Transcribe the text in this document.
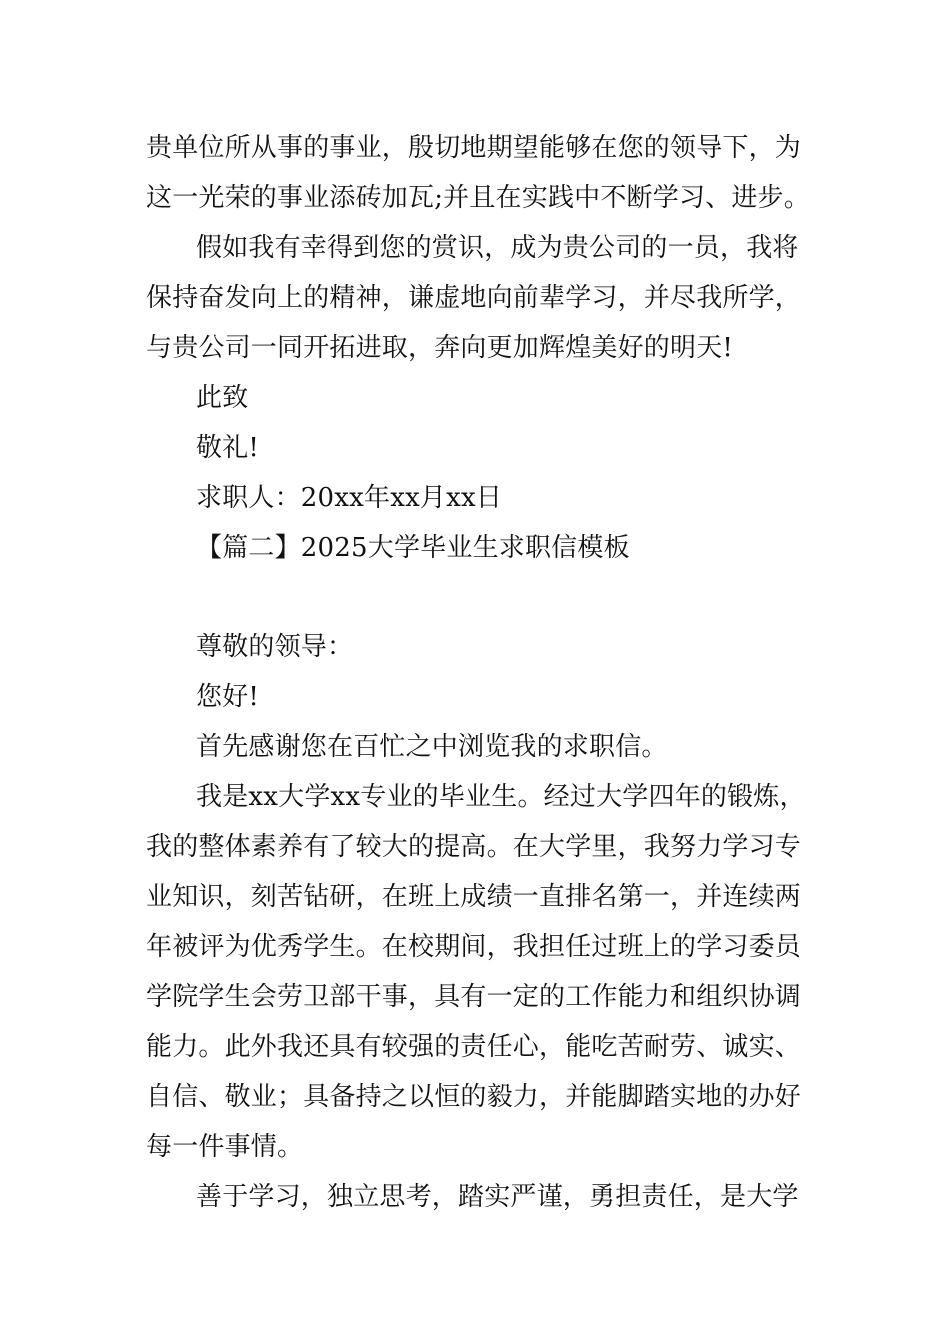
贵单位所从事的事业，殷切地期望能够在您的领导下，为
这一光荣的事业添砖加瓦;并且在实践中不断学习、进步。
假如我有幸得到您的赏识，成为贵公司的一员，我将
保持奋发向上的精神，谦虚地向前辈学习，并尽我所学，
与贵公司一同开拓进取，奔向更加辉煌美好的明天!
此致
敬礼!
求职人：20xx年xx月xx日
【篇二】2025大学毕业生求职信模板
尊敬的领导：
您好!
首先感谢您在百忙之中浏览我的求职信。
我是xx大学xx专业的毕业生。经过大学四年的锻炼，
我的整体素养有了较大的提高。在大学里，我努力学习专
业知识，刻苦钻研，在班上成绩一直排名第一，并连续两
年被评为优秀学生。在校期间，我担任过班上的学习委员
学院学生会劳卫部干事，具有一定的工作能力和组织协调
能力。此外我还具有较强的责任心，能吃苦耐劳、诚实、
自信、敬业；具备持之以恒的毅力，并能脚踏实地的办好
每一件事情。
善于学习，独立思考，踏实严谨，勇担责任，是大学
